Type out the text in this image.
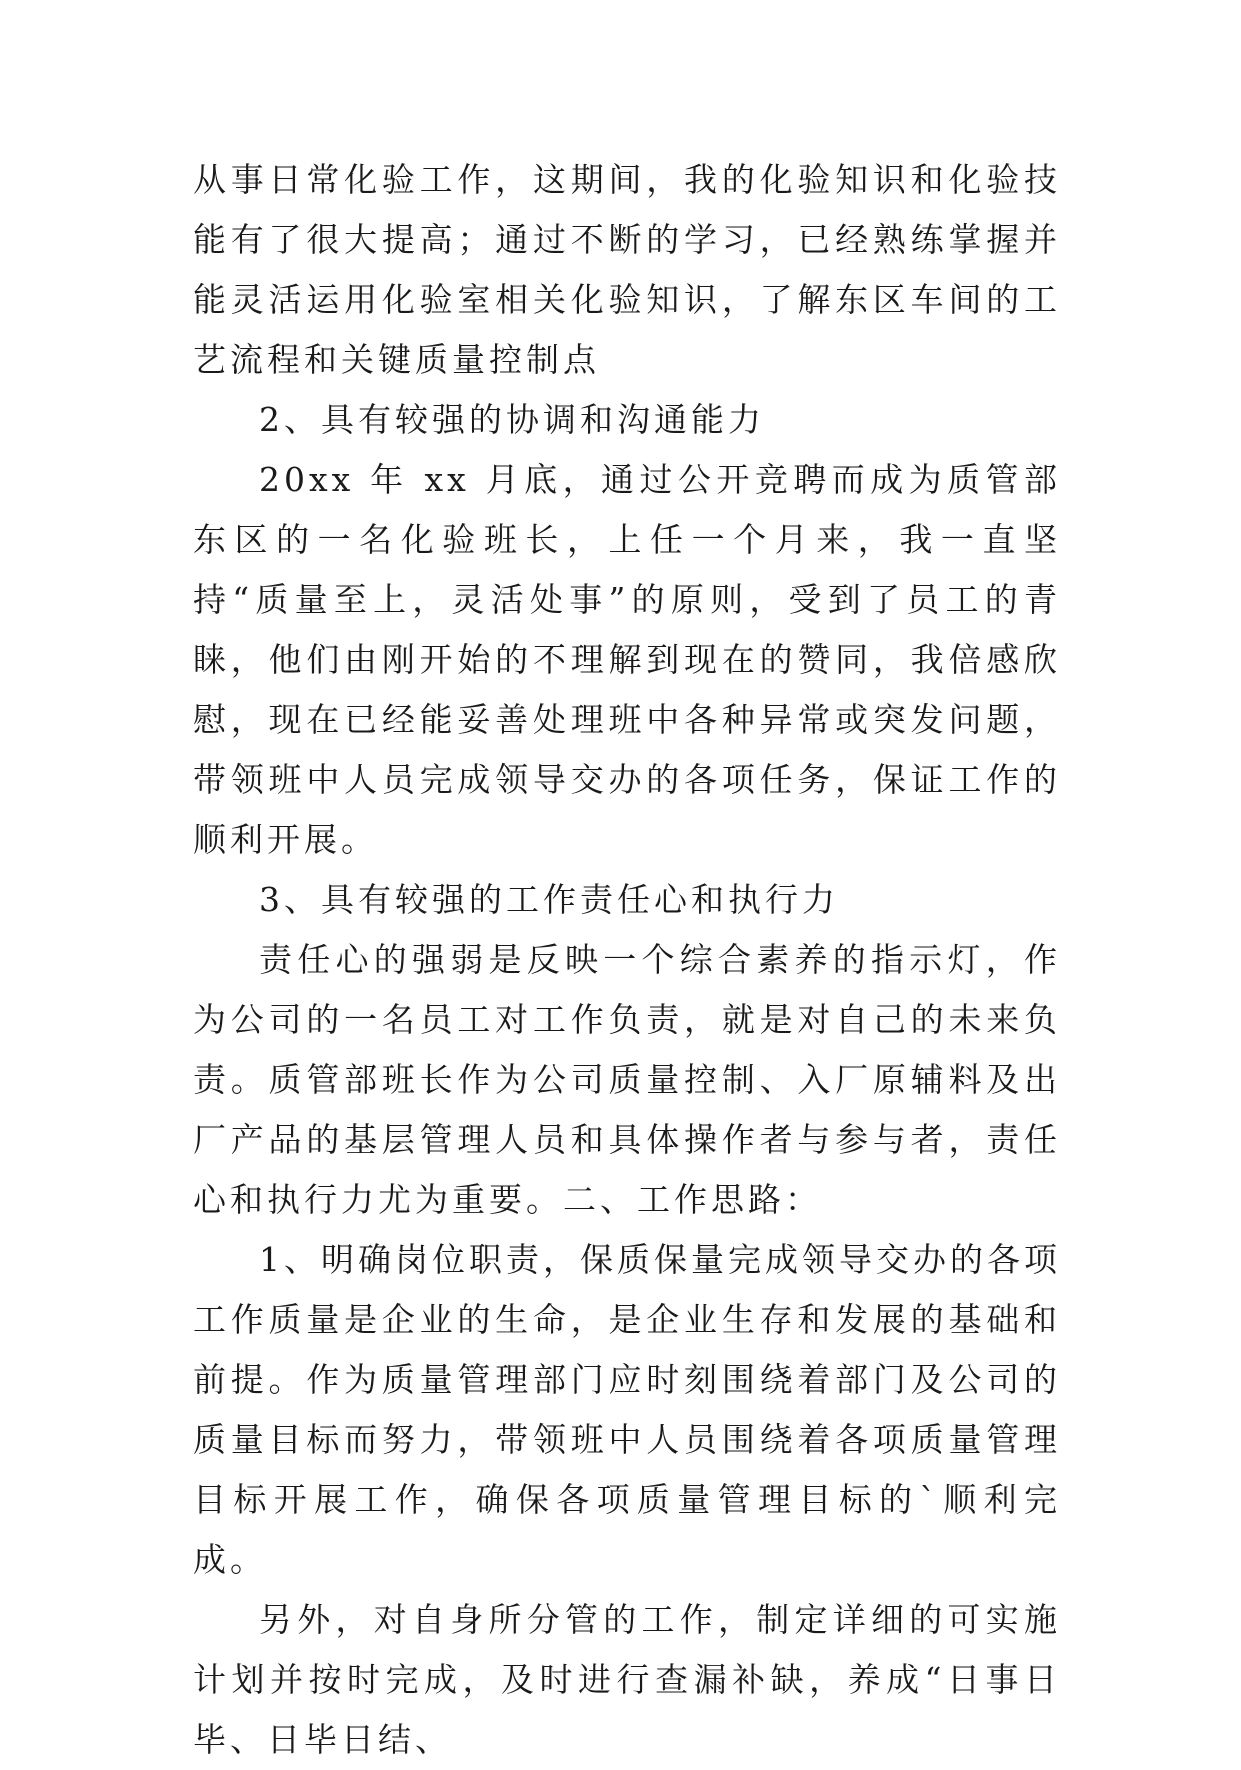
从事日常化验工作，这期间，我的化验知识和化验技能有了很大提高；通过不断的学习，已经熟练掌握并能灵活运用化验室相关化验知识，了解东区车间的工艺流程和关键质量控制点

2、具有较强的协调和沟通能力

20xx 年 xx 月底，通过公开竞聘而成为质管部东区的一名化验班长，上任一个月来，我一直坚持“质量至上，灵活处事”的原则，受到了员工的青睐，他们由刚开始的不理解到现在的赞同，我倍感欣慰，现在已经能妥善处理班中各种异常或突发问题，带领班中人员完成领导交办的各项任务，保证工作的顺利开展。

3、具有较强的工作责任心和执行力

责任心的强弱是反映一个综合素养的指示灯，作为公司的一名员工对工作负责，就是对自己的未来负责。质管部班长作为公司质量控制、入厂原辅料及出厂产品的基层管理人员和具体操作者与参与者，责任心和执行力尤为重要。二、工作思路：

1、明确岗位职责，保质保量完成领导交办的各项工作质量是企业的生命，是企业生存和发展的基础和前提。作为质量管理部门应时刻围绕着部门及公司的质量目标而努力，带领班中人员围绕着各项质量管理目标开展工作，确保各项质量管理目标的`顺利完成。

另外，对自身所分管的工作，制定详细的可实施计划并按时完成，及时进行查漏补缺，养成“日事日毕、日毕日结、
